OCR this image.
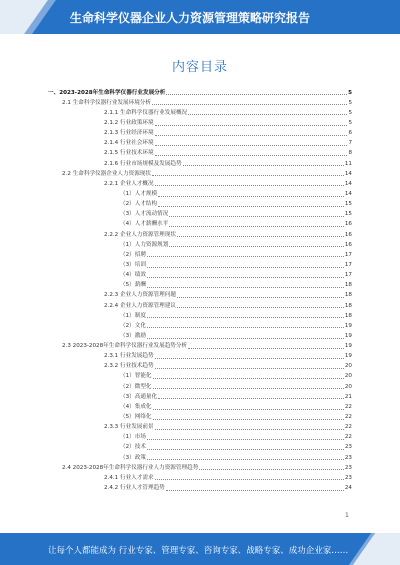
生命科学仪器企业人力资源管理策略研究报告
内容目录
一、2023-2028年生命科学仪器行业发展分析	5
2.1 生命科学仪器行业发展环境分析	5
2.1.1 生命科学仪器行业发展概况	5
2.1.2 行业政策环境	5
2.1.3 行业经济环境	6
2.1.4 行业社会环境	7
2.1.5 行业技术环境	8
2.1.6 行业市场规模及发展趋势	11
2.2 生命科学仪器企业人力资源现状	14
2.2.1 企业人才概况	14
（1）人才规模	14
（2）人才结构	15
（3）人才流动情况	15
（4）人才薪酬水平	16
2.2.2 企业人力资源管理现状	16
（1）人力资源规划	16
（2）招聘	17
（3）培训	17
（4）绩效	17
（5）薪酬	18
2.2.3 企业人力资源管理问题	18
2.2.4 企业人力资源管理建议	18
（1）制度	18
（2）文化	19
（3）激励	19
2.3 2023-2028年生命科学仪器行业发展趋势分析	19
2.3.1 行业发展趋势	19
2.3.2 行业技术趋势	20
（1）智能化	20
（2）微型化	20
（3）高通量化	21
（4）集成化	22
（5）网络化	22
2.3.3 行业发展前景	22
（1）市场	22
（2）技术	23
（3）政策	23
2.4 2023-2028年生命科学仪器行业人力资源管理趋势	23
2.4.1 行业人才需求	23
2.4.2 行业人才管理趋势	24
1
让每个人都能成为 行业专家、管理专家、咨询专家、战略专家、成功企业家……
